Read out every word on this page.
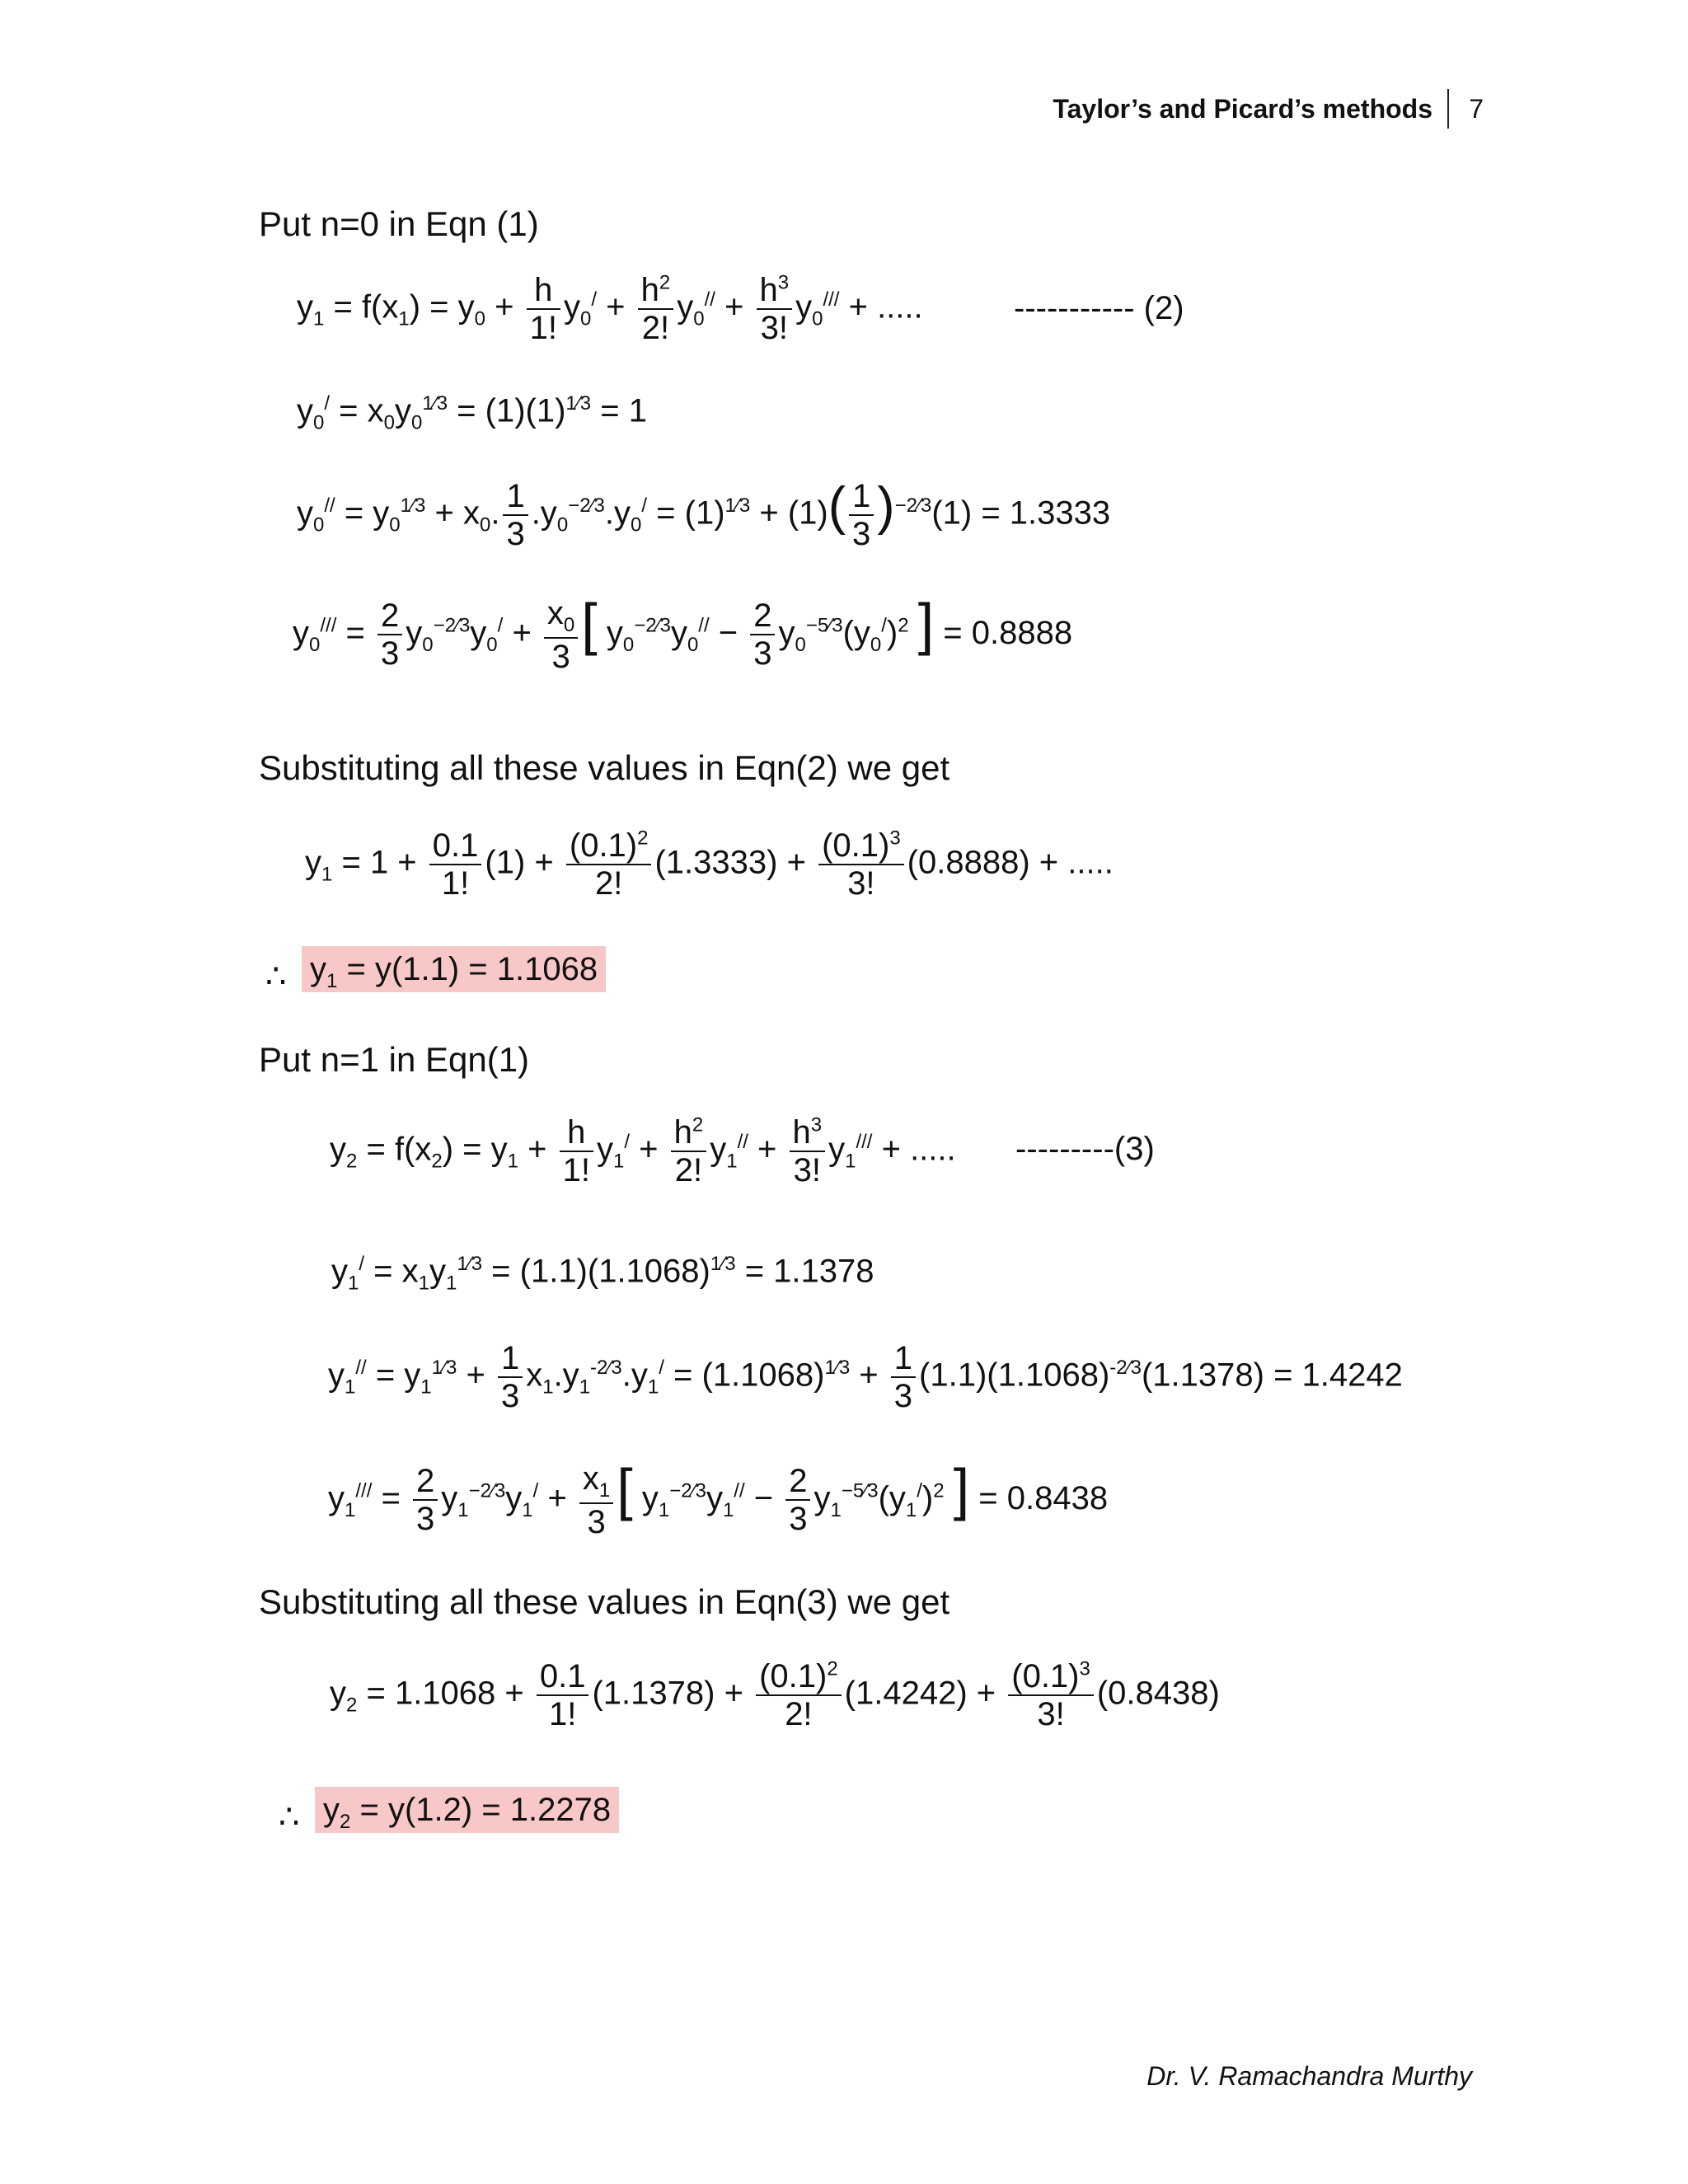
Taylor’s and Picard’s methods 7
Put n=0 in Eqn (1)
$y_1 = f(x_1) = y_0 + \frac{h}{1!} y_0^/ + \frac{h^2}{2!} y_0^{//} + \frac{h^3}{3!} y_0^{///}$ + .....	----------- (2)
$y_0^/ = x_0y_0^{1⁄3} = (1)(1)^{1⁄3} = 1$
$y_0^{//} = y_0^{1⁄3} + x_0$. $\frac{1}{3} .y_0^{-2⁄3}.y_0^/ = (1)^{1⁄3} + (1)( \frac{1}{3} )^{-2⁄3}(1) = 1.3333$
$y_0^{///} = \frac{2}{3} y_0^{-2⁄3}y_0^/ + \frac{x_0}{3}$ [ $y_0^{-2⁄3}y_0^{//} - \frac{2}{3} y_0^{-5⁄3}(y_0^/)^2$ ] = 0.8888
Substituting all these values in Eqn(2) we get
$y_1 = 1 + \frac{0.1}{1!} (1) + \frac{(0.1)^2}{2!} (1.3333) + \frac{(0.1)^3}{3!} (0.8888)$ + .....
∴ $y_1 = y(1.1) = 1.1068$
Put n=1 in Eqn(1)
$y_2 = f(x_2) = y_1 + \frac{h}{1!} y_1^/ + \frac{h^2}{2!} y_1^{//} + \frac{h^3}{3!} y_1^{///}$ + ..... ---------(3)
$y_1^/ = x_1y_1^{1⁄3} = (1.1)(1.1068)^{1⁄3} = 1.1378$
$y_1^{//} = y_1^{1⁄3} + \frac{1}{3} x_1.y_1^{-2⁄3}.y_1^/ = (1.1068)^{1⁄3} + \frac{1}{3} (1.1)(1.1068)^{-2⁄3}(1.1378) = 1.4242$
$y_1^{///} = \frac{2}{3} y_1^{-2⁄3}y_1^/ + \frac{x_1}{3}$ [ $y_1^{-2⁄3}y_1^{//} - \frac{2}{3} y_1^{-5⁄3}(y_1^/)^2$ ] = 0.8438
Substituting all these values in Eqn(3) we get
$y_2 = 1.1068 + \frac{0.1}{1!} (1.1378) + \frac{(0.1)^2}{2!} (1.4242) + \frac{(0.1)^3}{3!} (0.8438)$
∴ $y_2 = y(1.2) = 1.2278$
Dr. V. Ramachandra Murthy
